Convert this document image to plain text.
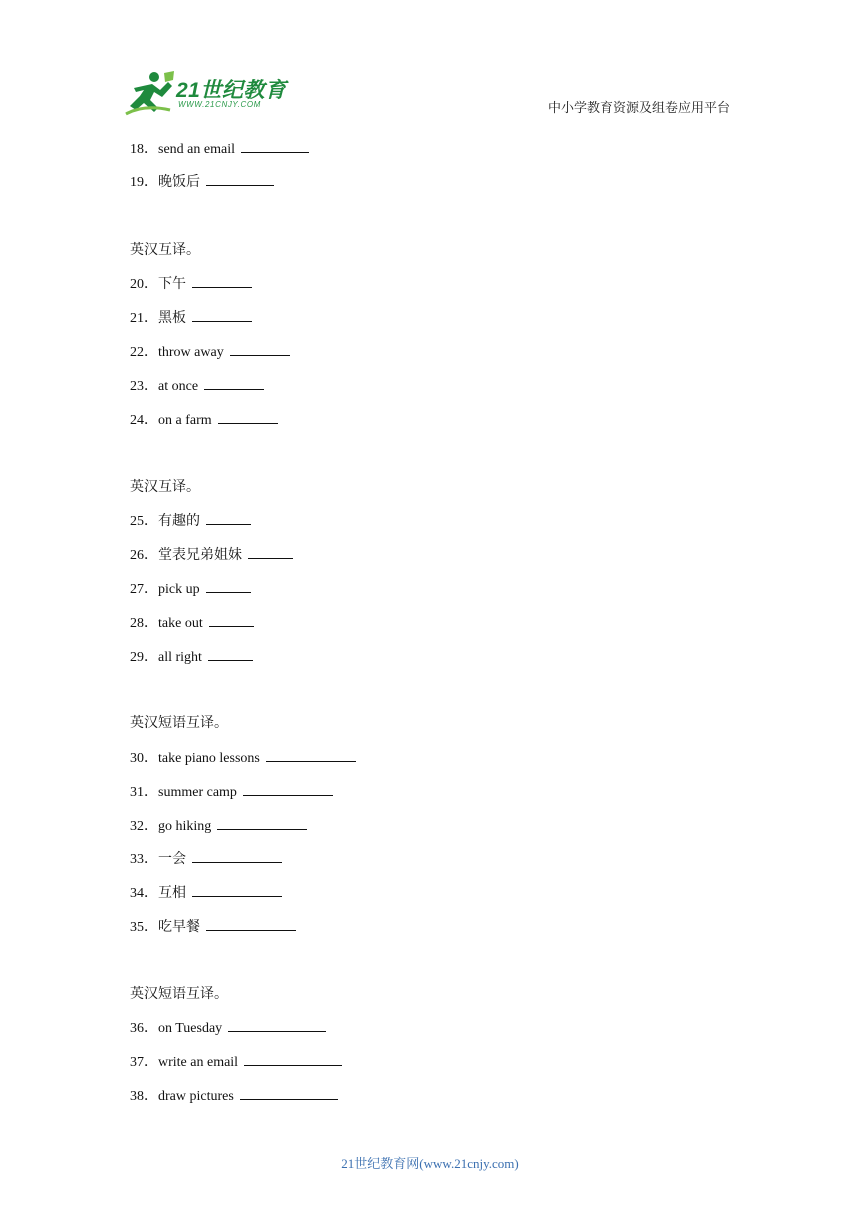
21世纪教育
WWW.21CNJY.COM	中小学教育资源及组卷应用平台
18．send an email
19．晚饭后
英汉互译。
20．下午
21．黑板
22．throw away
23．at once
24．on a farm
英汉互译。
25．有趣的
26．堂表兄弟姐妹
27．pick up
28．take out
29．all right
英汉短语互译。
30．take piano lessons
31．summer camp
32．go hiking
33．一会
34．互相
35．吃早餐
英汉短语互译。
36．on Tuesday
37．write an email
38．draw pictures
21世纪教育网(www.21cnjy.com)
